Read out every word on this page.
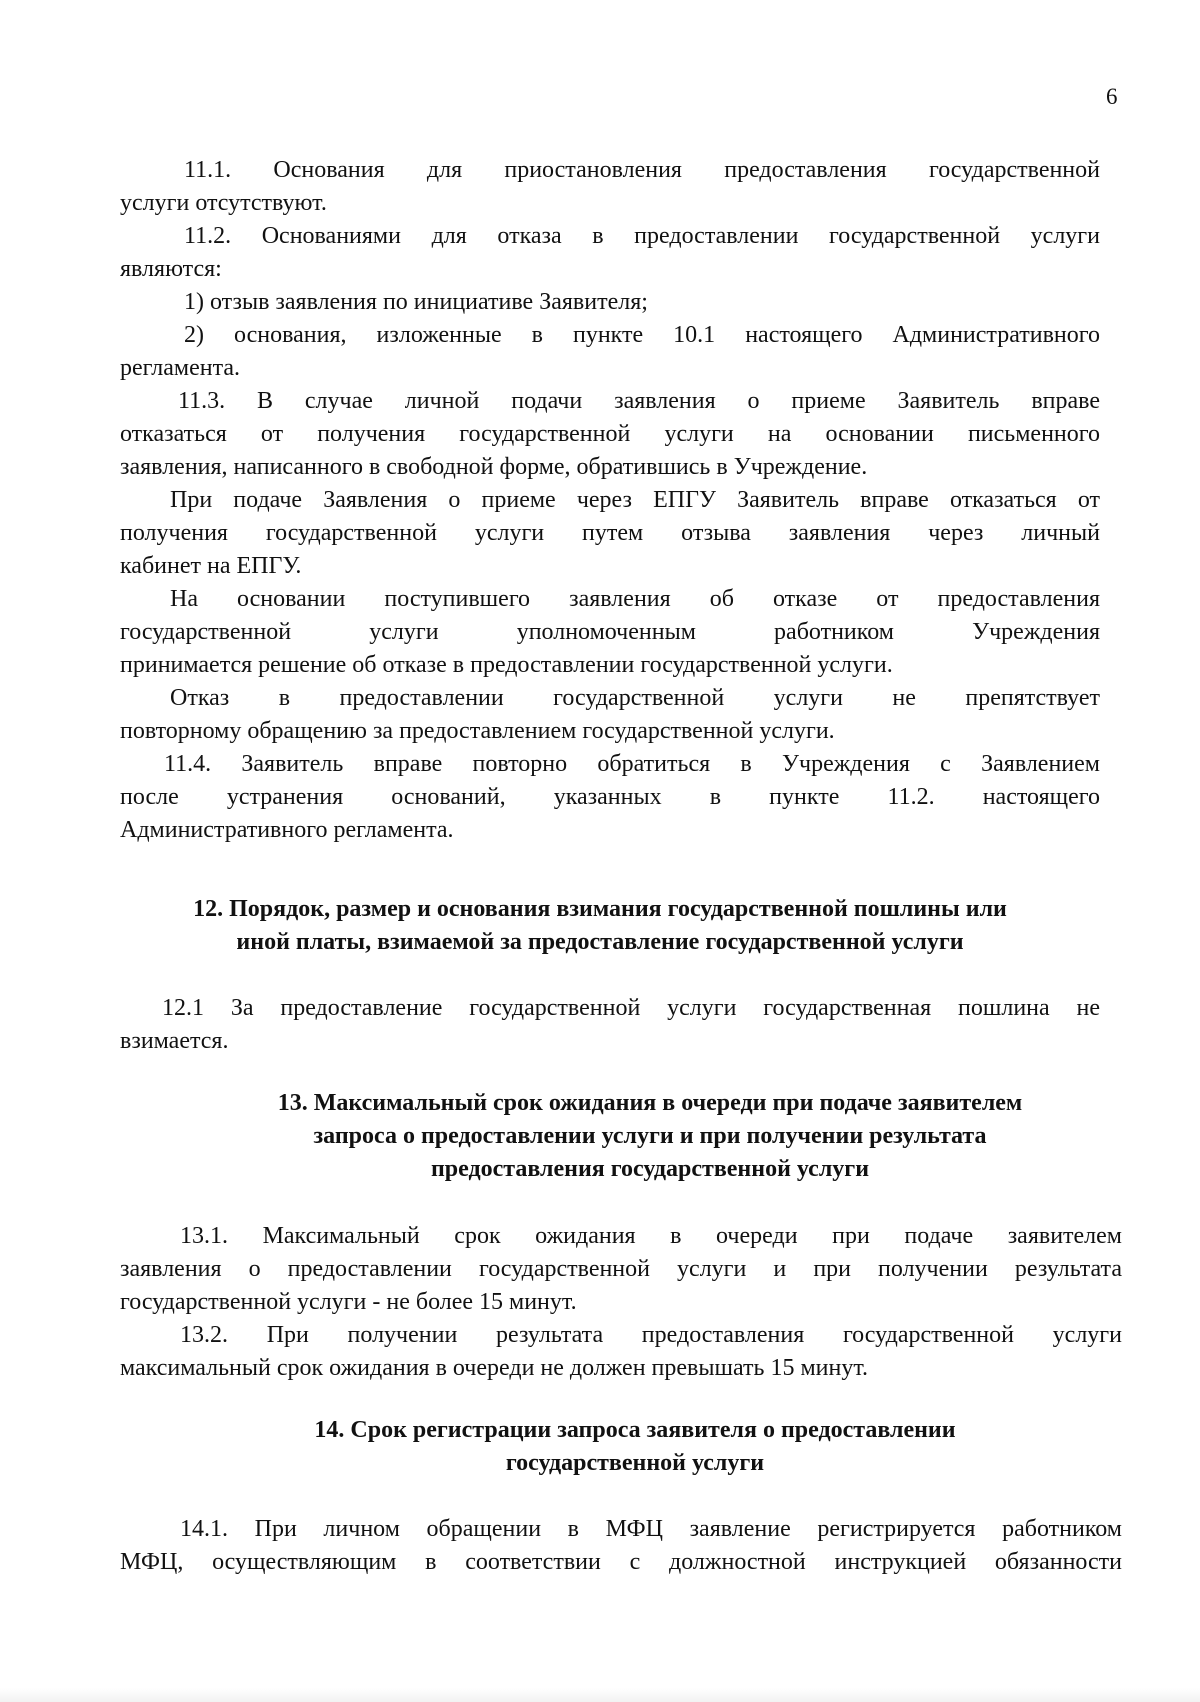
6
11.1. Основания для приостановления предоставления государственной
услуги отсутствуют.
11.2. Основаниями для отказа в предоставлении государственной услуги
являются:
1) отзыв заявления по инициативе Заявителя;
2) основания, изложенные в пункте 10.1 настоящего Административного
регламента.
11.3. В случае личной подачи заявления о приеме Заявитель вправе
отказаться от получения государственной услуги на основании письменного
заявления, написанного в свободной форме, обратившись в Учреждение.
При подаче Заявления о приеме через ЕПГУ Заявитель вправе отказаться от
получения государственной услуги путем отзыва заявления через личный
кабинет на ЕПГУ.
На основании поступившего заявления об отказе от предоставления
государственной услуги уполномоченным работником Учреждения
принимается решение об отказе в предоставлении государственной услуги.
Отказ в предоставлении государственной услуги не препятствует
повторному обращению за предоставлением государственной услуги.
11.4. Заявитель вправе повторно обратиться в Учреждения с Заявлением
после устранения оснований, указанных в пункте 11.2. настоящего
Административного регламента.
12. Порядок, размер и основания взимания государственной пошлины или
иной платы, взимаемой за предоставление государственной услуги
12.1 За предоставление государственной услуги государственная пошлина не
взимается.
13. Максимальный срок ожидания в очереди при подаче заявителем
запроса о предоставлении услуги и при получении результата
предоставления государственной услуги
13.1. Максимальный срок ожидания в очереди при подаче заявителем
заявления о предоставлении государственной услуги и при получении результата
государственной услуги - не более 15 минут.
13.2. При получении результата предоставления государственной услуги
максимальный срок ожидания в очереди не должен превышать 15 минут.
14. Срок регистрации запроса заявителя о предоставлении
государственной услуги
14.1. При личном обращении в МФЦ заявление регистрируется работником
МФЦ, осуществляющим в соответствии с должностной инструкцией обязанности
